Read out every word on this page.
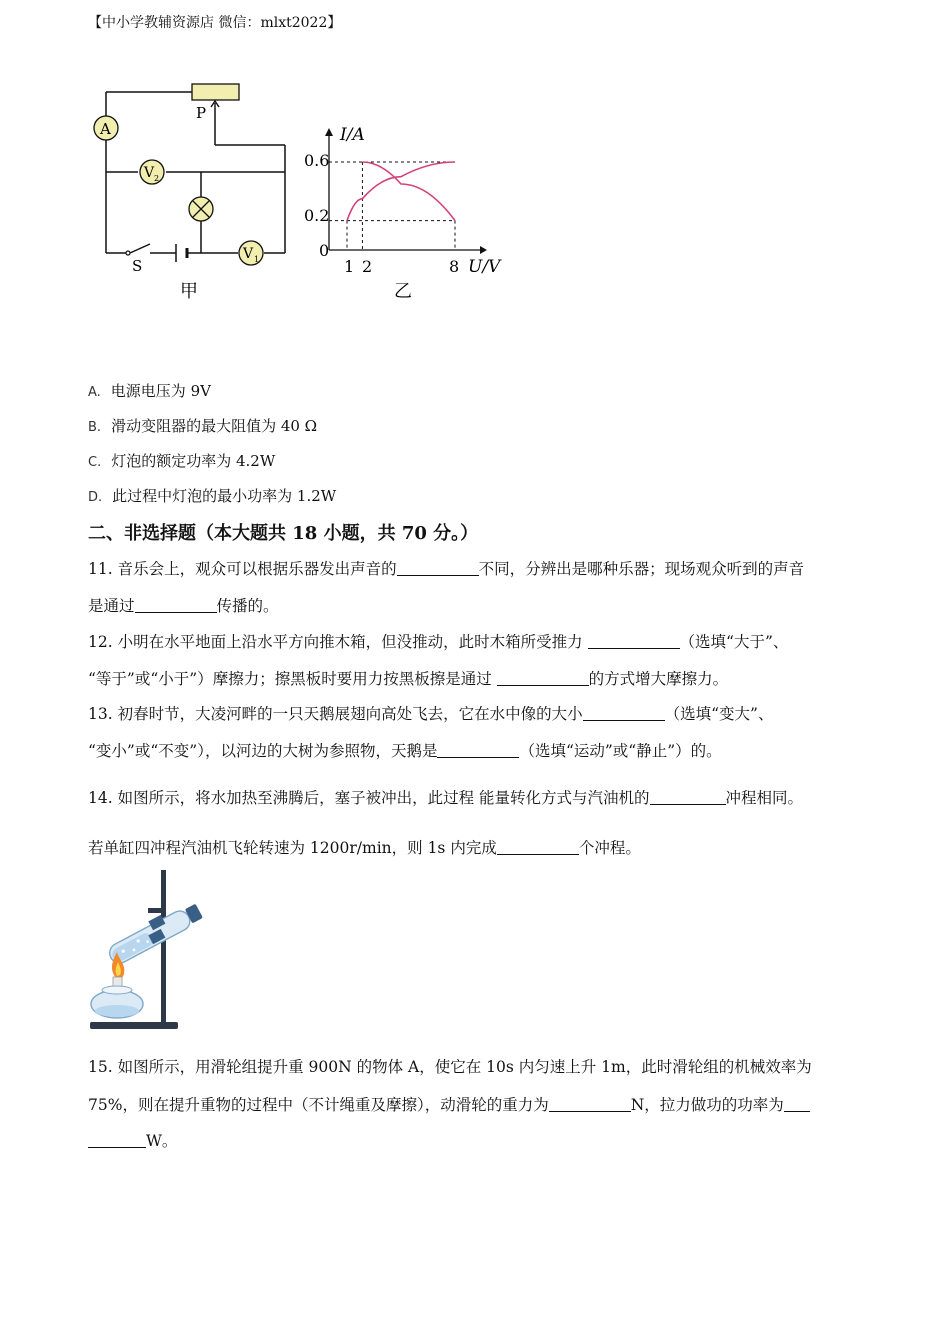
【中小学教辅资源店 微信：mlxt2022】
P
A
V 2
S
V 1
甲
I/A
U/V
0.6
0.2
0
1 2	8
乙
A. 电源电压为 9V
B. 滑动变阻器的最大阻值为 40 Ω
C. 灯泡的额定功率为 4.2W
D. 此过程中灯泡的最小功率为 1.2W
二、非选择题（本大题共 18 小题，共 70 分。）
11. 音乐会上，观众可以根据乐器发出声音的	不同，分辨出是哪种乐器；现场观众听到的声音
是通过	传播的。
12. 小明在水平地面上沿水平方向推木箱，但没推动，此时木箱所受推力	（选填“大于”、
“等于”或“小于”）摩擦力；擦黑板时要用力按黑板擦是通过	的方式增大摩擦力。
13. 初春时节，大凌河畔的一只天鹅展翅向高处飞去，它在水中像的大小	（选填“变大”、
“变小”或“不变”），以河边的大树为参照物，天鹅是	（选填“运动”或“静止”）的。
14. 如图所示，将水加热至沸腾后，塞子被冲出，此过程 能量转化方式与汽油机的	冲程相同。
若单缸四冲程汽油机飞轮转速为 1200r/min，则 1s 内完成	个冲程。
15. 如图所示，用滑轮组提升重 900N 的物体 A，使它在 10s 内匀速上升 1m，此时滑轮组的机械效率为
75%，则在提升重物的过程中（不计绳重及摩擦），动滑轮的重力为	N，拉力做功的功率为
W。
